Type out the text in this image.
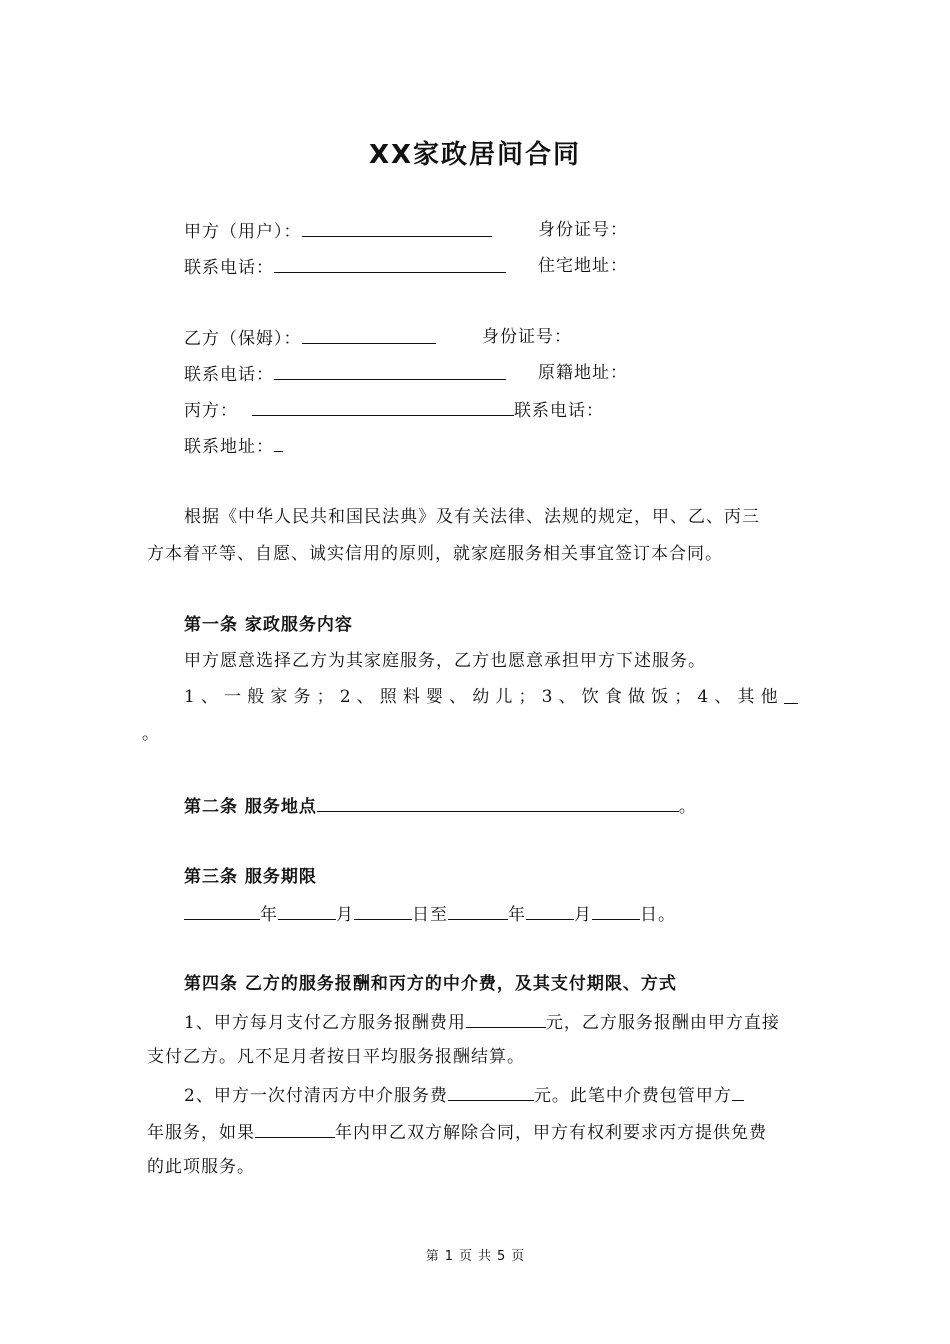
XX家政居间合同
甲方（用户）：	身份证号：
联系电话：	住宅地址：
乙方（保姆）：	身份证号：
联系电话：	原籍地址：
丙方：	联系电话：
联系地址：
根据《中华人民共和国民法典》及有关法律、法规的规定，甲、乙、丙三
方本着平等、自愿、诚实信用的原则，就家庭服务相关事宜签订本合同。
第一条 家政服务内容
甲方愿意选择乙方为其家庭服务，乙方也愿意承担甲方下述服务。
1 、 一 般 家 务 ； 2 、 照 料 婴 、 幼 儿 ； 3 、 饮 食 做 饭 ； 4 、 其 他
。
第二条 服务地点	。
第三条 服务期限
年	月	日至	年	月	日。
第四条 乙方的服务报酬和丙方的中介费，及其支付期限、方式
1、甲方每月支付乙方服务报酬费用	元，乙方服务报酬由甲方直接
支付乙方。凡不足月者按日平均服务报酬结算。
2、甲方一次付清丙方中介服务费	元。此笔中介费包管甲方
年服务，如果	年内甲乙双方解除合同，甲方有权利要求丙方提供免费
的此项服务。
第 1 页 共 5 页
